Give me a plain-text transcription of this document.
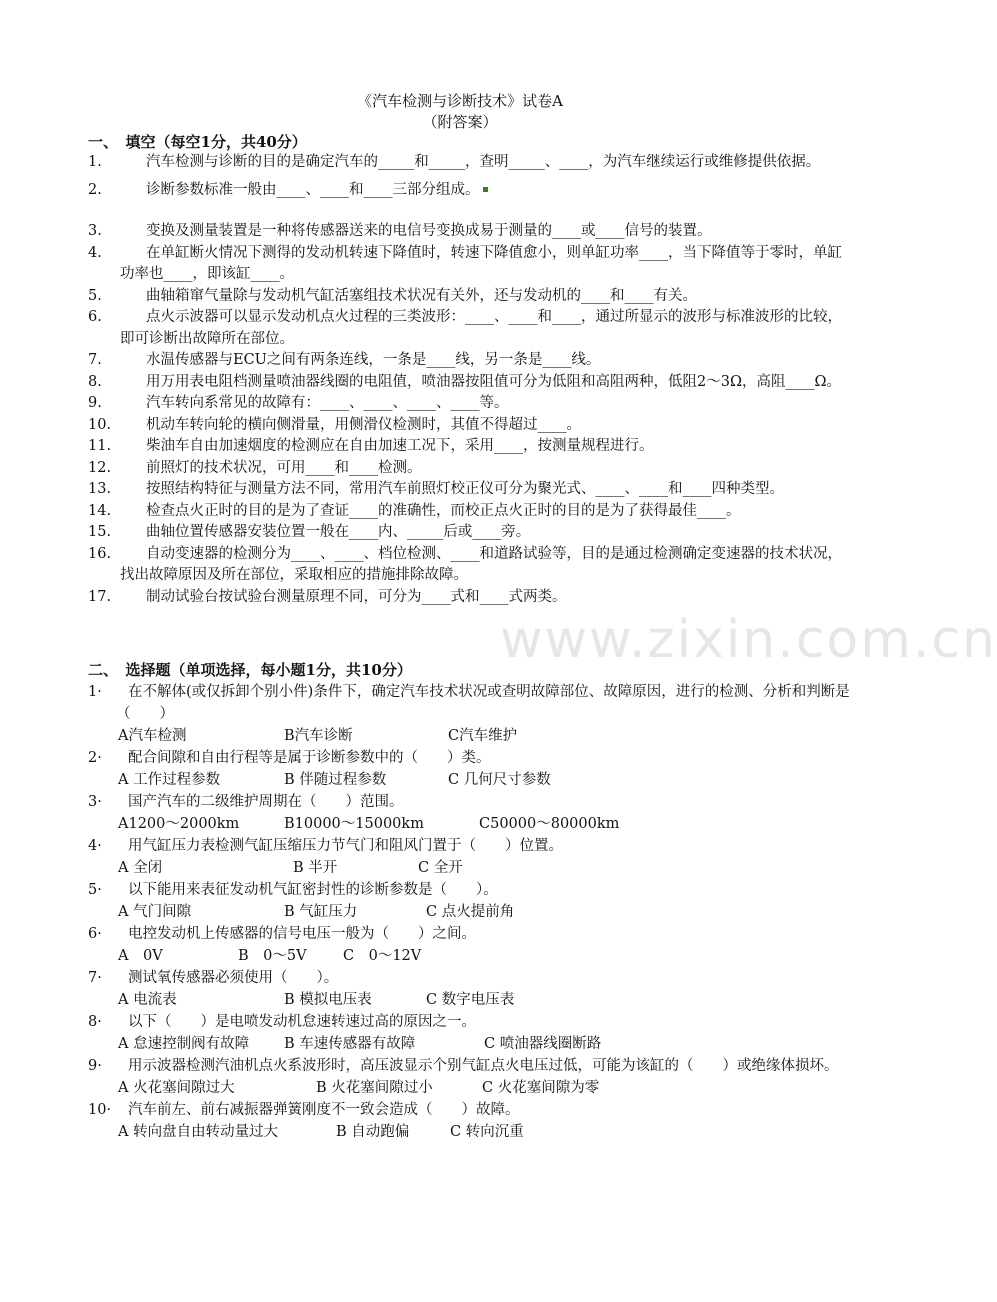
www.zixin.com.cn
《汽车检测与诊断技术》试卷A
（附答案）
一、　填空（每空1分，共40分）
1.	汽车检测与诊断的目的是确定汽车的_____和_____，查明_____、____，为汽车继续运行或维修提供依据。
2.	诊断参数标准一般由____、____和____三部分组成。
3.	变换及测量装置是一种将传感器送来的电信号变换成易于测量的____或____信号的装置。
4.	在单缸断火情况下测得的发动机转速下降值时，转速下降值愈小，则单缸功率____，当下降值等于零时，单缸功率也____，即该缸____。
5.	曲轴箱窜气量除与发动机气缸活塞组技术状况有关外，还与发动机的____和____有关。
6.	点火示波器可以显示发动机点火过程的三类波形：____、____和____，通过所显示的波形与标准波形的比较，即可诊断出故障所在部位。
7.	水温传感器与ECU之间有两条连线，一条是____线，另一条是____线。
8.	用万用表电阻档测量喷油器线圈的电阻值，喷油器按阻值可分为低阻和高阻两种，低阻2～3Ω，高阻____Ω。
9.	汽车转向系常见的故障有：____、____、____、____等。
10.	机动车转向轮的横向侧滑量，用侧滑仪检测时，其值不得超过____。
11.	柴油车自由加速烟度的检测应在自由加速工况下，采用____，按测量规程进行。
12.	前照灯的技术状况，可用____和____检测。
13.	按照结构特征与测量方法不同，常用汽车前照灯校正仪可分为聚光式、____、____和____四种类型。
14.	检查点火正时的目的是为了查证____的准确性，而校正点火正时的目的是为了获得最佳____。
15.	曲轴位置传感器安装位置一般在____内、_____后或____旁。
16.	自动变速器的检测分为____、____、档位检测、____和道路试验等，目的是通过检测确定变速器的技术状况，找出故障原因及所在部位，采取相应的措施排除故障。
17.	制动试验台按试验台测量原理不同，可分为____式和____式两类。
二、　选择题（单项选择，每小题1分，共10分）
1·	在不解体(或仅拆卸个别小件)条件下，确定汽车技术状况或查明故障部位、故障原因，进行的检测、分析和判断是（　　）
A汽车检测	B汽车诊断	C汽车维护
2·	配合间隙和自由行程等是属于诊断参数中的（　　）类。
A 工作过程参数	B 伴随过程参数	C 几何尺寸参数
3·	国产汽车的二级维护周期在（　　）范围。
A1200～2000km	B10000～15000km	C50000～80000km
4·	用气缸压力表检测气缸压缩压力节气门和阻风门置于（　　）位置。
A 全闭	B 半开	C 全开
5·	以下能用来表征发动机气缸密封性的诊断参数是（　　）。
A 气门间隙	B 气缸压力	C 点火提前角
6·	电控发动机上传感器的信号电压一般为（　　）之间。
A　0V	B　0～5V	C　0～12V
7·	测试氧传感器必须使用（　　）。
A 电流表	B 模拟电压表	C 数字电压表
8·	以下（　　）是电喷发动机怠速转速过高的原因之一。
A 怠速控制阀有故障	B 车速传感器有故障	C 喷油器线圈断路
9·	用示波器检测汽油机点火系波形时，高压波显示个别气缸点火电压过低，可能为该缸的（　　）或绝缘体损坏。
A 火花塞间隙过大	B 火花塞间隙过小	C 火花塞间隙为零
10·	汽车前左、前右减振器弹簧刚度不一致会造成（　　）故障。
A 转向盘自由转动量过大	B 自动跑偏	C 转向沉重
